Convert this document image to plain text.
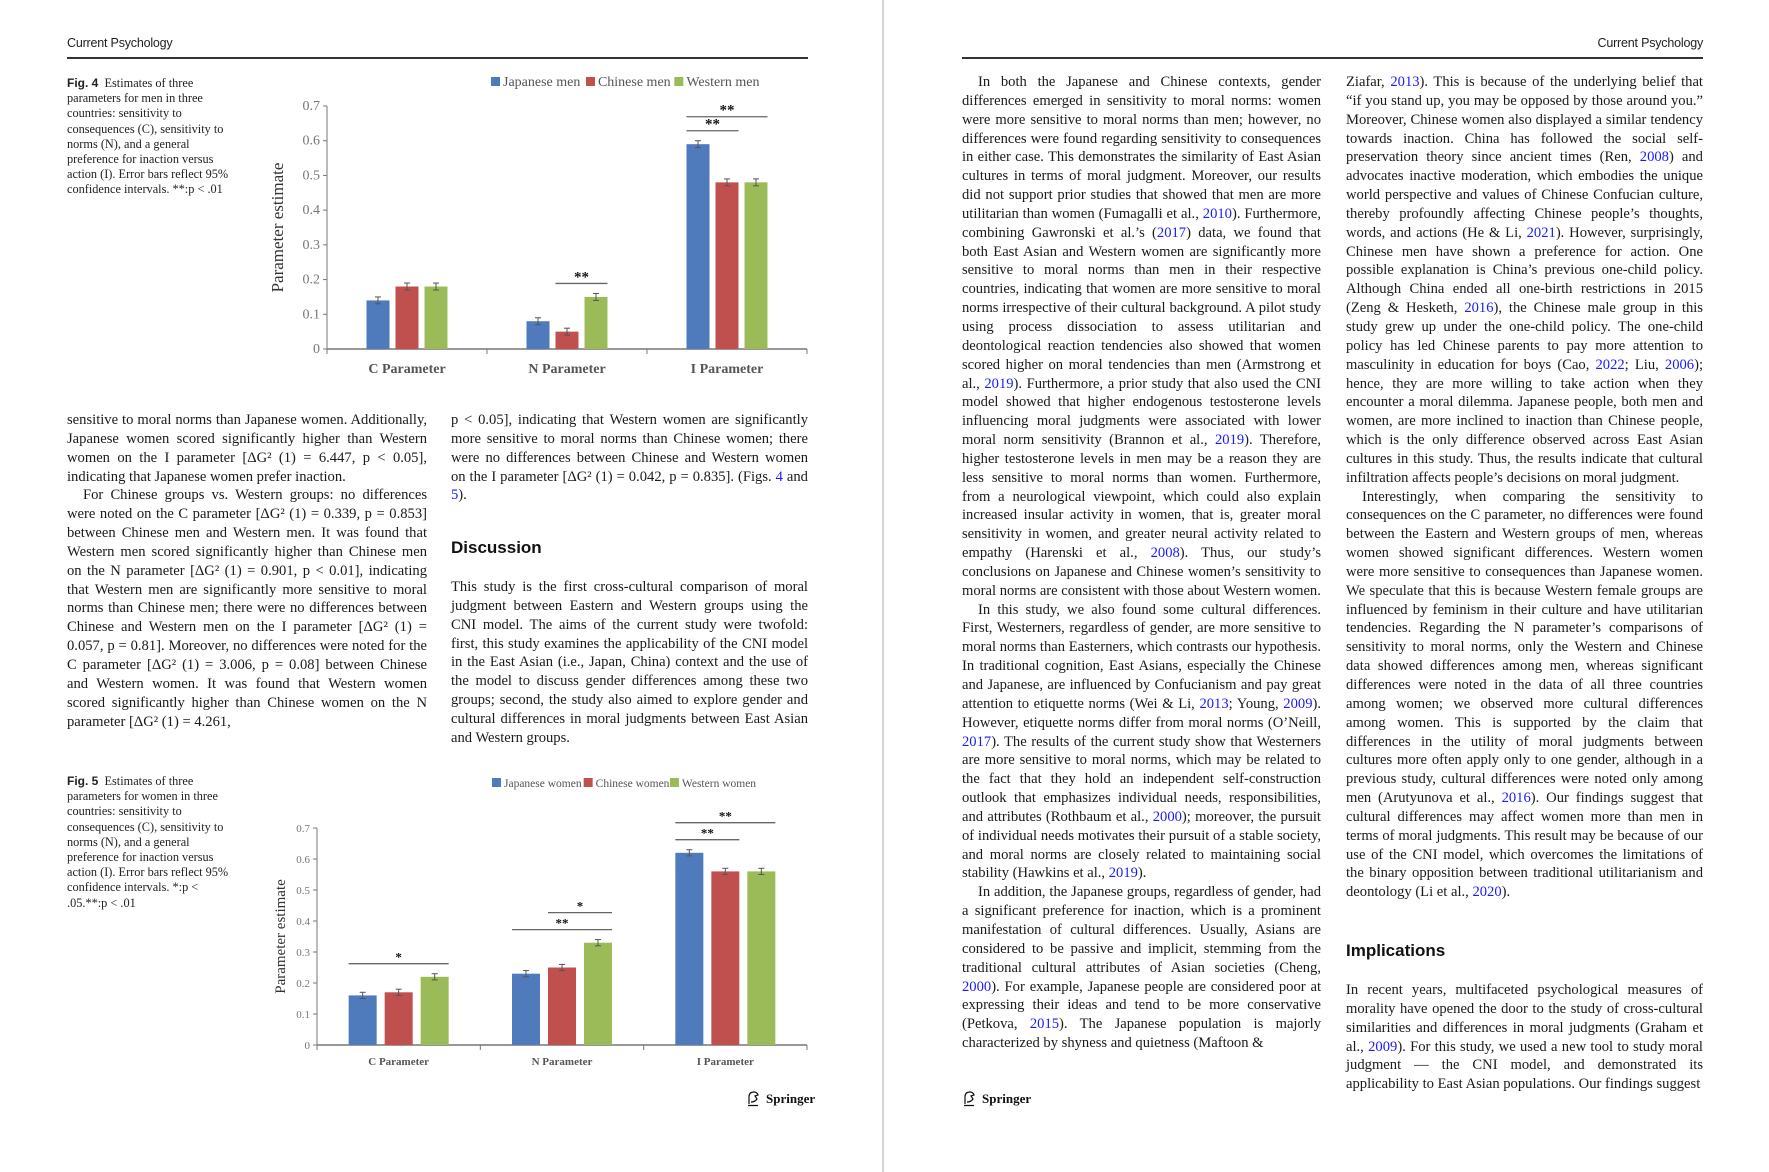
Current Psychology
Fig. 4 Estimates of three parameters for men in three countries: sensitivity to consequences (C), sensitivity to norms (N), and a general preference for inaction versus action (I). Error bars reflect 95% confidence intervals. **:p < .01
Japanese men Chinese men Western men
0
0.1
0.2
0.3
0.4
0.5
0.6
0.7
Parameter estimate
C Parameter	N Parameter	I Parameter
**
**
**

sensitive to moral norms than Japanese women. Additionally, Japanese women scored significantly higher than Western women on the I parameter [ΔG² (1) = 6.447, p < 0.05], indicating that Japanese women prefer inaction.

For Chinese groups vs. Western groups: no differences were noted on the C parameter [ΔG² (1) = 0.339, p = 0.853] between Chinese men and Western men. It was found that Western men scored significantly higher than Chinese men on the N parameter [ΔG² (1) = 0.901, p < 0.01], indicating that Western men are significantly more sensitive to moral norms than Chinese men; there were no differences between Chinese and Western men on the I parameter [ΔG² (1) = 0.057, p = 0.81]. Moreover, no differences were noted for the C parameter [ΔG² (1) = 3.006, p = 0.08] between Chinese and Western women. It was found that Western women scored significantly higher than Chinese women on the N parameter [ΔG² (1) = 4.261,

p < 0.05], indicating that Western women are significantly more sensitive to moral norms than Chinese women; there were no differences between Chinese and Western women on the I parameter [ΔG² (1) = 0.042, p = 0.835]. (Figs. 4 and 5).

Discussion

This study is the first cross-cultural comparison of moral judgment between Eastern and Western groups using the CNI model. The aims of the current study were twofold: first, this study examines the applicability of the CNI model in the East Asian (i.e., Japan, China) context and the use of the model to discuss gender differences among these two groups; second, the study also aimed to explore gender and cultural differences in moral judgments between East Asian and Western groups.

Fig. 5 Estimates of three parameters for women in three countries: sensitivity to consequences (C), sensitivity to norms (N), and a general preference for inaction versus action (I). Error bars reflect 95% confidence intervals. *:p < .05.**:p < .01
Japanese women Chinese women Western women
0
0.1
0.2
0.3
0.4
0.5
0.6
0.7
Parameter estimate
C Parameter	N Parameter	I Parameter
*
**
*
**
**
Springer
Current Psychology

In both the Japanese and Chinese contexts, gender differences emerged in sensitivity to moral norms: women were more sensitive to moral norms than men; however, no differences were found regarding sensitivity to consequences in either case. This demonstrates the similarity of East Asian cultures in terms of moral judgment. Moreover, our results did not support prior studies that showed that men are more utilitarian than women (Fumagalli et al., 2010). Furthermore, combining Gawronski et al.’s (2017) data, we found that both East Asian and Western women are significantly more sensitive to moral norms than men in their respective countries, indicating that women are more sensitive to moral norms irrespective of their cultural background. A pilot study using process dissociation to assess utilitarian and deontological reaction tendencies also showed that women scored higher on moral tendencies than men (Armstrong et al., 2019). Furthermore, a prior study that also used the CNI model showed that higher endogenous testosterone levels influencing moral judgments were associated with lower moral norm sensitivity (Brannon et al., 2019). Therefore, higher testosterone levels in men may be a reason they are less sensitive to moral norms than women. Furthermore, from a neurological viewpoint, which could also explain increased insular activity in women, that is, greater moral sensitivity in women, and greater neural activity related to empathy (Harenski et al., 2008). Thus, our study’s conclusions on Japanese and Chinese women’s sensitivity to moral norms are consistent with those about Western women.

In this study, we also found some cultural differences. First, Westerners, regardless of gender, are more sensitive to moral norms than Easterners, which contrasts our hypothesis. In traditional cognition, East Asians, especially the Chinese and Japanese, are influenced by Confucianism and pay great attention to etiquette norms (Wei & Li, 2013; Young, 2009). However, etiquette norms differ from moral norms (O’Neill, 2017). The results of the current study show that Westerners are more sensitive to moral norms, which may be related to the fact that they hold an independent self-construction outlook that emphasizes individual needs, responsibilities, and attributes (Rothbaum et al., 2000); moreover, the pursuit of individual needs motivates their pursuit of a stable society, and moral norms are closely related to maintaining social stability (Hawkins et al., 2019).

In addition, the Japanese groups, regardless of gender, had a significant preference for inaction, which is a prominent manifestation of cultural differences. Usually, Asians are considered to be passive and implicit, stemming from the traditional cultural attributes of Asian societies (Cheng, 2000). For example, Japanese people are considered poor at expressing their ideas and tend to be more conservative (Petkova, 2015). The Japanese population is majorly characterized by shyness and quietness (Maftoon &

Ziafar, 2013). This is because of the underlying belief that “if you stand up, you may be opposed by those around you.” Moreover, Chinese women also displayed a similar tendency towards inaction. China has followed the social self-preservation theory since ancient times (Ren, 2008) and advocates inactive moderation, which embodies the unique world perspective and values of Chinese Confucian culture, thereby profoundly affecting Chinese people’s thoughts, words, and actions (He & Li, 2021). However, surprisingly, Chinese men have shown a preference for action. One possible explanation is China’s previous one-child policy. Although China ended all one-birth restrictions in 2015 (Zeng & Hesketh, 2016), the Chinese male group in this study grew up under the one-child policy. The one-child policy has led Chinese parents to pay more attention to masculinity in education for boys (Cao, 2022; Liu, 2006); hence, they are more willing to take action when they encounter a moral dilemma. Japanese people, both men and women, are more inclined to inaction than Chinese people, which is the only difference observed across East Asian cultures in this study. Thus, the results indicate that cultural infiltration affects people’s decisions on moral judgment.

Interestingly, when comparing the sensitivity to consequences on the C parameter, no differences were found between the Eastern and Western groups of men, whereas women showed significant differences. Western women were more sensitive to consequences than Japanese women. We speculate that this is because Western female groups are influenced by feminism in their culture and have utilitarian tendencies. Regarding the N parameter’s comparisons of sensitivity to moral norms, only the Western and Chinese data showed differences among men, whereas significant differences were noted in the data of all three countries among women; we observed more cultural differences among women. This is supported by the claim that differences in the utility of moral judgments between cultures more often apply only to one gender, although in a previous study, cultural differences were noted only among men (Arutyunova et al., 2016). Our findings suggest that cultural differences may affect women more than men in terms of moral judgments. This result may be because of our use of the CNI model, which overcomes the limitations of the binary opposition between traditional utilitarianism and deontology (Li et al., 2020).

Implications

In recent years, multifaceted psychological measures of morality have opened the door to the study of cross-cultural similarities and differences in moral judgments (Graham et al., 2009). For this study, we used a new tool to study moral judgment — the CNI model, and demonstrated its applicability to East Asian populations. Our findings suggest

Springer
